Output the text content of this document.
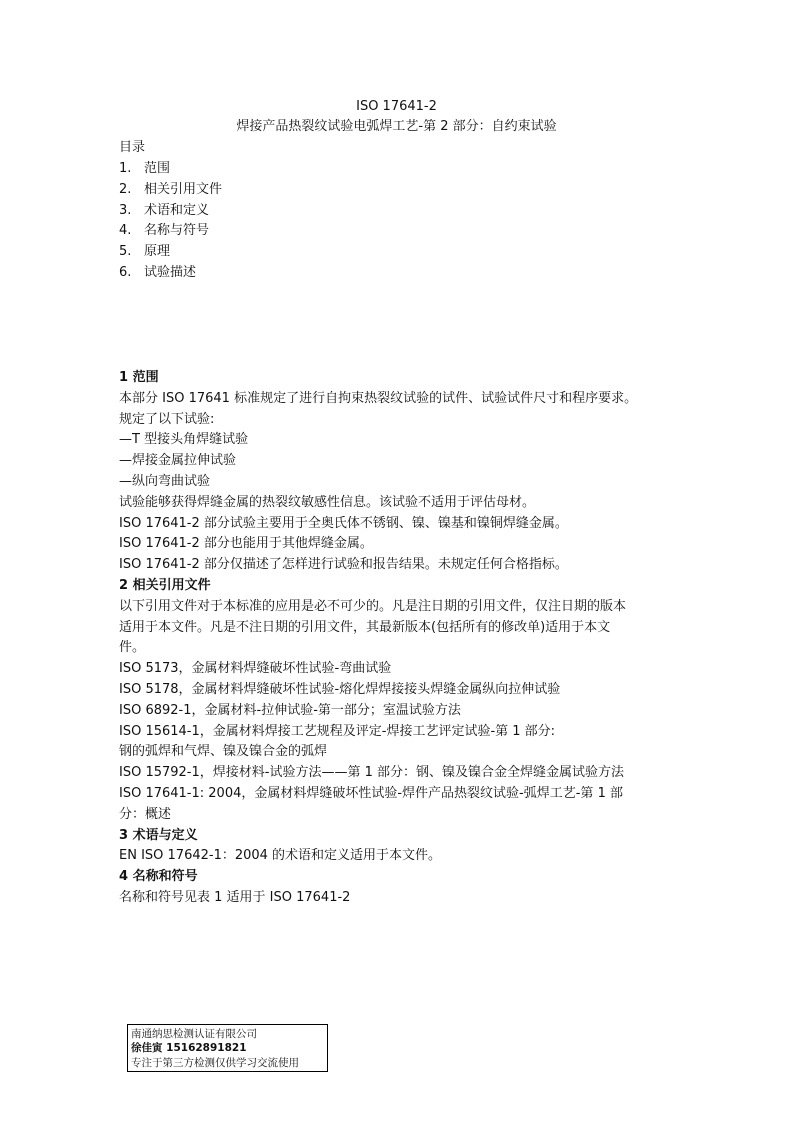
ISO 17641-2
焊接产品热裂纹试验电弧焊工艺-第 2 部分：自约束试验
目录
1. 范围
2. 相关引用文件
3. 术语和定义
4. 名称与符号
5. 原理
6. 试验描述
1 范围
本部分 ISO 17641 标准规定了进行自拘束热裂纹试验的试件、试验试件尺寸和程序要求。
规定了以下试验:
—T 型接头角焊缝试验
—焊接金属拉伸试验
—纵向弯曲试验
试验能够获得焊缝金属的热裂纹敏感性信息。该试验不适用于评估母材。
ISO 17641-2 部分试验主要用于全奥氏体不锈钢、镍、镍基和镍铜焊缝金属。
ISO 17641-2 部分也能用于其他焊缝金属。
ISO 17641-2 部分仅描述了怎样进行试验和报告结果。未规定任何合格指标。
2 相关引用文件
以下引用文件对于本标准的应用是必不可少的。凡是注日期的引用文件，仅注日期的版本
适用于本文件。凡是不注日期的引用文件，其最新版本(包括所有的修改单)适用于本文
件。
ISO 5173，金属材料焊缝破坏性试验-弯曲试验
ISO 5178，金属材料焊缝破坏性试验-熔化焊焊接接头焊缝金属纵向拉伸试验
ISO 6892-1，金属材料-拉伸试验-第一部分；室温试验方法
ISO 15614-1，金属材料焊接工艺规程及评定-焊接工艺评定试验-第 1 部分:
钢的弧焊和气焊、镍及镍合金的弧焊
ISO 15792-1，焊接材料-试验方法——第 1 部分：钢、镍及镍合金全焊缝金属试验方法
ISO 17641-1: 2004，金属材料焊缝破坏性试验-焊件产品热裂纹试验-弧焊工艺-第 1 部
分：概述
3 术语与定义
EN ISO 17642-1：2004 的术语和定义适用于本文件。
4 名称和符号
名称和符号见表 1 适用于 ISO 17641-2
南通纳思检测认证有限公司
徐佳寅 15162891821
专注于第三方检测仅供学习交流使用
